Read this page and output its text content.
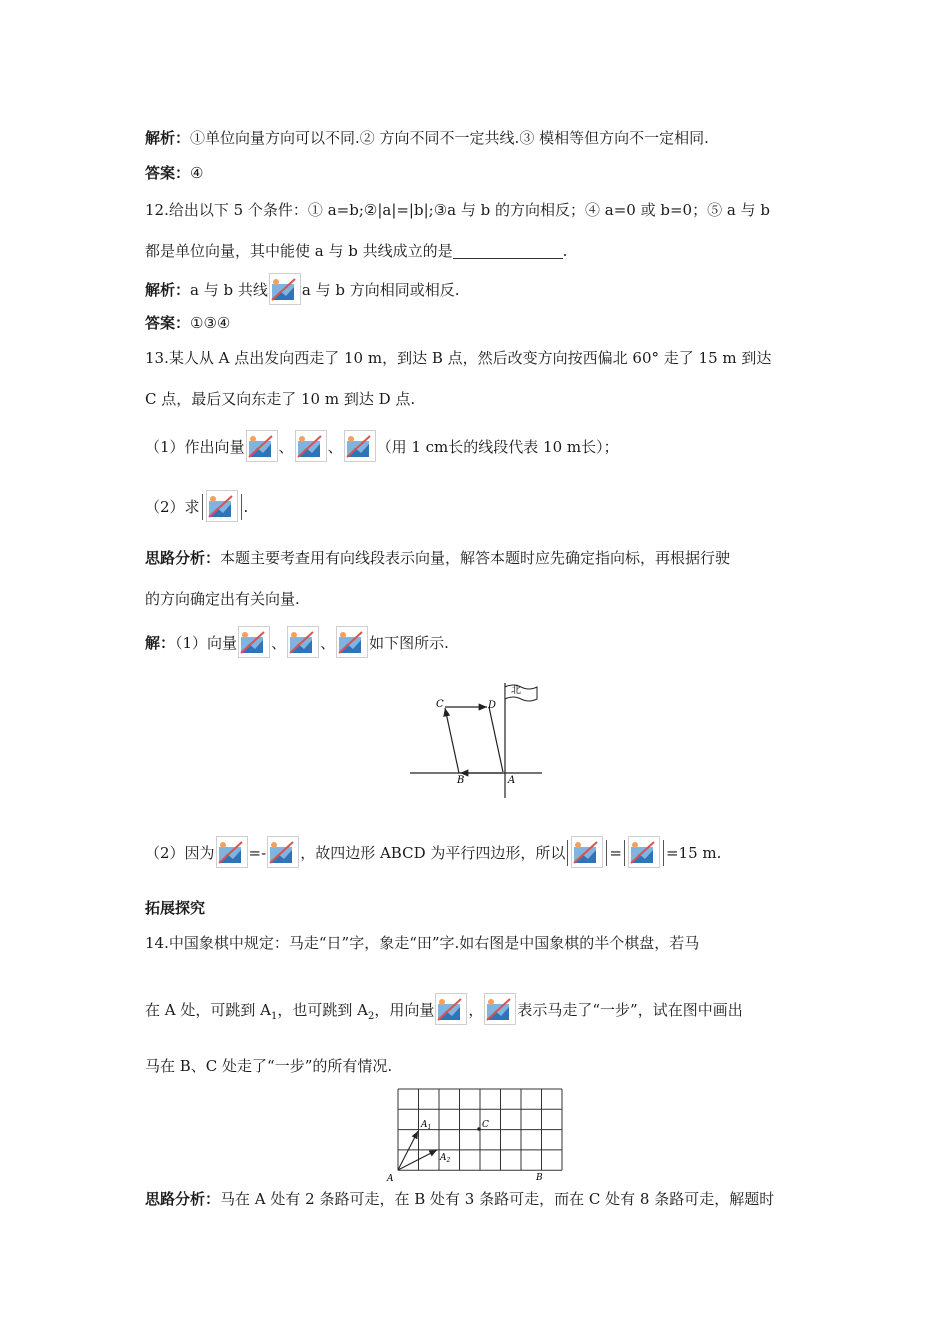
解析：①单位向量方向可以不同.② 方向不同不一定共线.③ 模相等但方向不一定相同.
答案：④
12.给出以下 5 个条件：① a=b;②|a|=|b|;③a 与 b 的方向相反；④ a=0 或 b=0；⑤ a 与 b
都是单位向量，其中能使 a 与 b 共线成立的是	.
解析：a 与 b 共线 a 与 b 方向相同或相反.
答案：①③④
13.某人从 A 点出发向西走了 10 m，到达 B 点，然后改变方向按西偏北 60° 走了 15 m 到达
C 点，最后又向东走了 10 m 到达 D 点.
（1）作出向量 、 、 （用 1 cm长的线段代表 10 m长）；
（2）求	.
思路分析：本题主要考查用有向线段表示向量，解答本题时应先确定指向标，再根据行驶
的方向确定出有关向量.
解：（1）向量 、 、 如下图所示.
北
C	D
B	A
（2）因为 =- ，故四边形 ABCD 为平行四边形，所以	=	=15 m.
拓展探究
14.中国象棋中规定：马走“日”字，象走“田”字.如右图是中国象棋的半个棋盘，若马
在 A 处，可跳到 $A_1$，也可跳到 $A_2$，用向量 ， 表示马走了“一步”，试在图中画出
马在 B、C 处走了“一步”的所有情况.
A
$A_1$
$A_2$
C
B
思路分析：马在 A 处有 2 条路可走，在 B 处有 3 条路可走，而在 C 处有 8 条路可走，解题时
